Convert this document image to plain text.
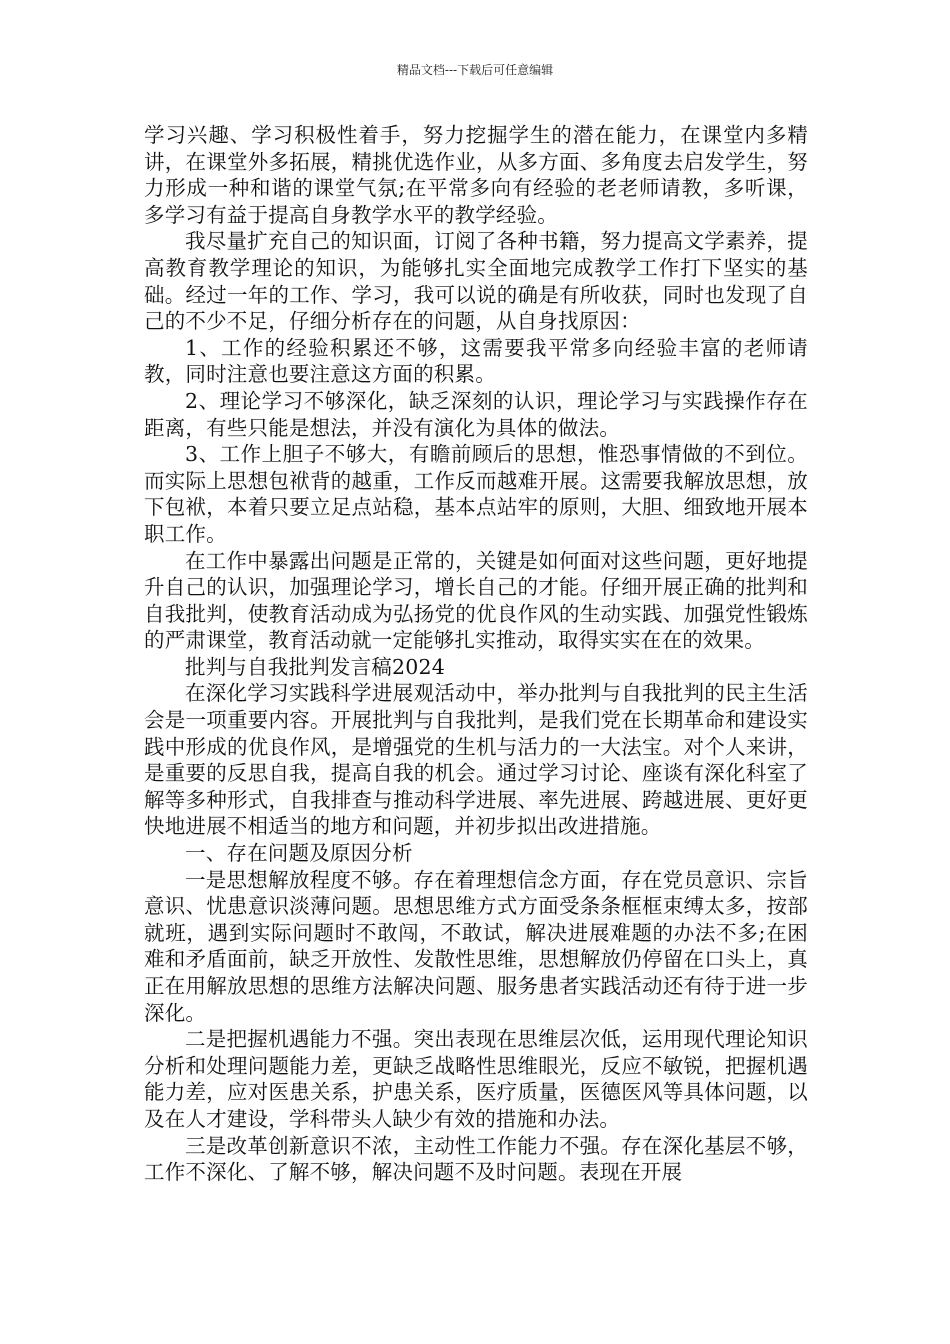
精品文档---下载后可任意编辑

学习兴趣、学习积极性着手，努力挖掘学生的潜在能力，在课堂内多精讲，在课堂外多拓展，精挑优选作业，从多方面、多角度去启发学生，努力形成一种和谐的课堂气氛;在平常多向有经验的老老师请教，多听课，多学习有益于提高自身教学水平的教学经验。

我尽量扩充自己的知识面，订阅了各种书籍，努力提高文学素养，提高教育教学理论的知识，为能够扎实全面地完成教学工作打下坚实的基础。经过一年的工作、学习，我可以说的确是有所收获，同时也发现了自己的不少不足，仔细分析存在的问题，从自身找原因：

1、工作的经验积累还不够，这需要我平常多向经验丰富的老师请教，同时注意也要注意这方面的积累。

2、理论学习不够深化，缺乏深刻的认识，理论学习与实践操作存在距离，有些只能是想法，并没有演化为具体的做法。

3、工作上胆子不够大，有瞻前顾后的思想，惟恐事情做的不到位。而实际上思想包袱背的越重，工作反而越难开展。这需要我解放思想，放下包袱，本着只要立足点站稳，基本点站牢的原则，大胆、细致地开展本职工作。

在工作中暴露出问题是正常的，关键是如何面对这些问题，更好地提升自己的认识，加强理论学习，增长自己的才能。仔细开展正确的批判和自我批判，使教育活动成为弘扬党的优良作风的生动实践、加强党性锻炼的严肃课堂，教育活动就一定能够扎实推动，取得实实在在的效果。

批判与自我批判发言稿2024

在深化学习实践科学进展观活动中，举办批判与自我批判的民主生活会是一项重要内容。开展批判与自我批判，是我们党在长期革命和建设实践中形成的优良作风，是增强党的生机与活力的一大法宝。对个人来讲，是重要的反思自我，提高自我的机会。通过学习讨论、座谈有深化科室了解等多种形式，自我排查与推动科学进展、率先进展、跨越进展、更好更快地进展不相适当的地方和问题，并初步拟出改进措施。

一、存在问题及原因分析

一是思想解放程度不够。存在着理想信念方面，存在党员意识、宗旨意识、忧患意识淡薄问题。思想思维方式方面受条条框框束缚太多，按部就班，遇到实际问题时不敢闯，不敢试，解决进展难题的办法不多;在困难和矛盾面前，缺乏开放性、发散性思维，思想解放仍停留在口头上，真正在用解放思想的思维方法解决问题、服务患者实践活动还有待于进一步深化。

二是把握机遇能力不强。突出表现在思维层次低，运用现代理论知识分析和处理问题能力差，更缺乏战略性思维眼光，反应不敏锐，把握机遇能力差，应对医患关系，护患关系，医疗质量，医德医风等具体问题，以及在人才建设，学科带头人缺少有效的措施和办法。

三是改革创新意识不浓，主动性工作能力不强。存在深化基层不够，工作不深化、了解不够，解决问题不及时问题。表现在开展
